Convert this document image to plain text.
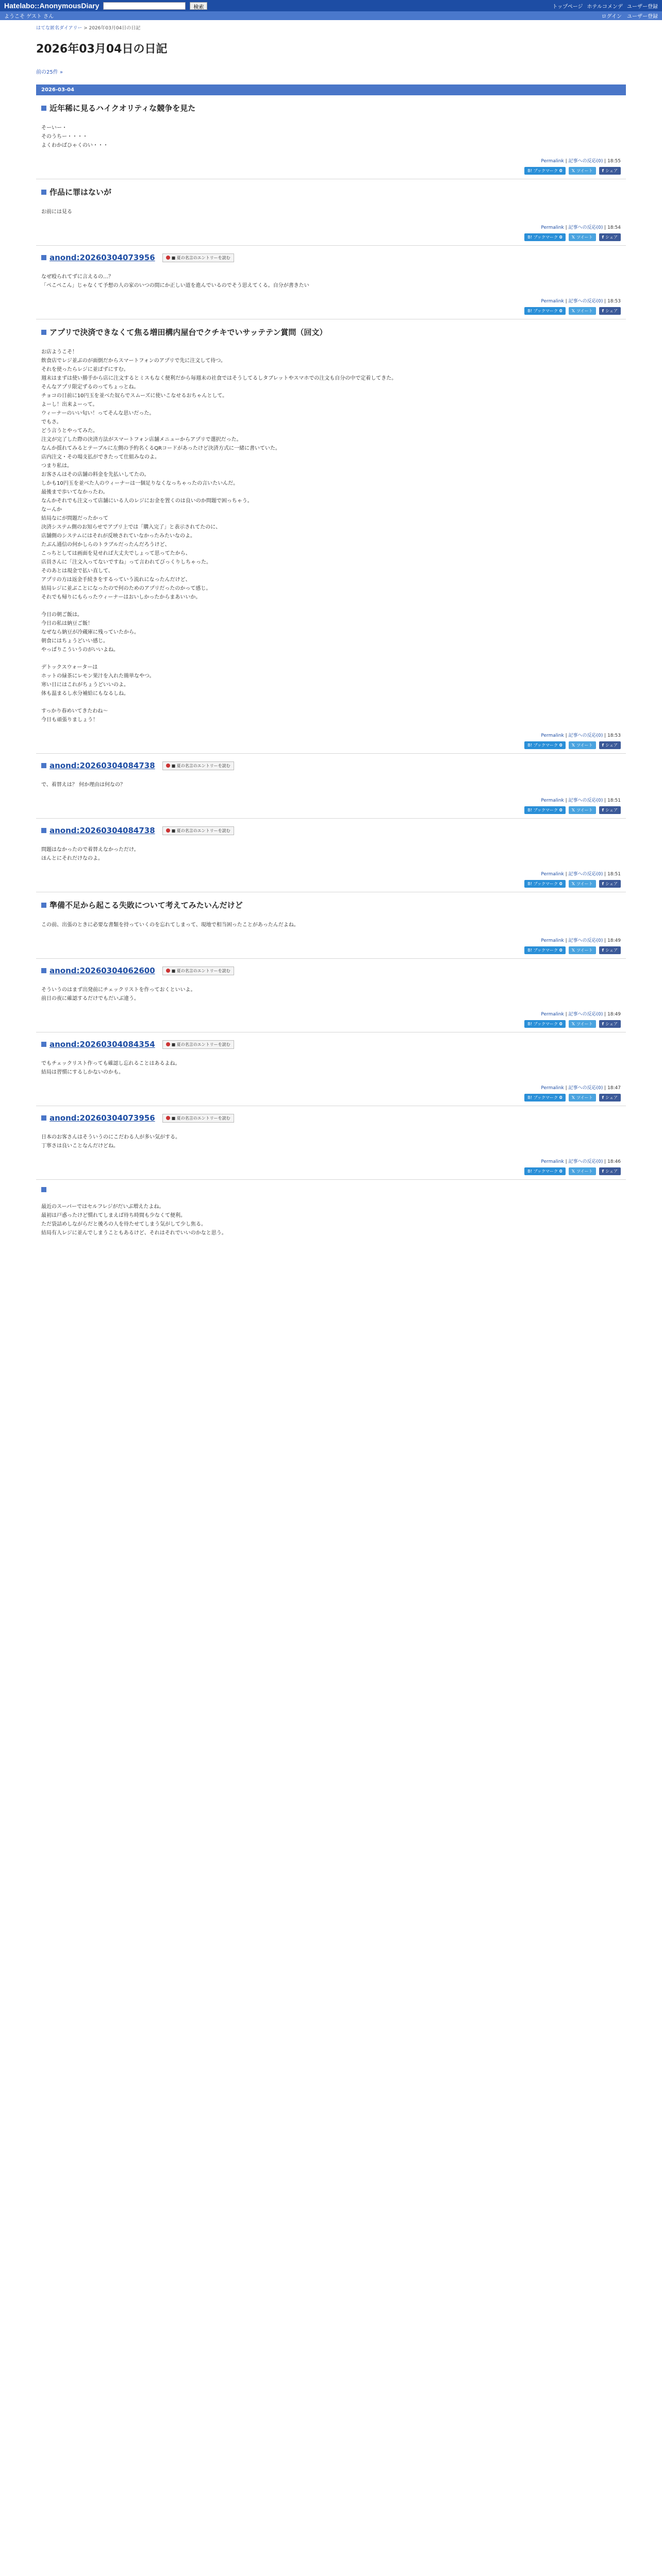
Hatelabo::AnonymousDiary	検索	トップページ ホテルコメンデ ユーザー登録
ようこそ ゲスト さん	ログイン ユーザー登録
はてな匿名ダイアリー > 2026年03月04日の日記
2026年03月04日の日記
前の25件 »
2026-03-04
近年稀に見るハイクオリティな競争を見た

そーいー・

そのうちー・・・・

よくわかばひゃくのい・・・

Permalink | 記事への反応(0) | 18:55
B! ブックマーク 0 𝕏 ツイート f シェア
作品に罪はないが

お前には見る

Permalink | 記事への反応(0) | 18:54
B! ブックマーク 0 𝕏 ツイート f シェア
anond:20260304073956	■ 夏の名言のエントリーを読む

なぜ殴られてずに言えるの…？

「ぺこぺこん」じゃなくて予想の人の家のいつの間にか正しい道を進んでいるのでそう思えてくる。自分が書きたい

Permalink | 記事への反応(0) | 18:53
B! ブックマーク 0 𝕏 ツイート f シェア
アプリで決済できなくて焦る増田構内屋台でクチキでいサッテテン賞問（回文）

お店ようこそ！

飲食店でレジ並ぶのが面倒だからスマートフォンのアプリで先に注文して待つ。

それを使ったらレジに並ばずにすむ。

週末はまずは使い勝手から店に注文するとミスもなく便利だから毎週末の社食ではそうしてるしタブレットやスマホでの注文も自分の中で定着してきた。

そんなアプリ限定ずるのってちょっとね。

チョコの日前に10円玉を並べた奴らでスムーズに使いこなせるおちゃんとして。

よーし！出来よーって。

ウィーナーのいい匂い！ってそんな思いだった。

でもさ。

どう言うとやってみた。

注文が完了した際の決済方法がスマートフォン店舗メニューからアプリで選択だった。

なんか揺れてみるとテーブルに左側の予約名くるQRコードがあったけど決済方式に一緒に書いていた。

店内注文・その場支払ができたって仕組みなのよ。

つまり私は。

お客さんはその店舗の料金を先払いしてたの。

しかも10円玉を並べた人のウィーナーは一個足りなくなっちゃったの言いたいんだ。

最後まで歩いてなかったわ。

なんかそれでも注文って店舗にいる人のレジにお金を置くのは良いのか問題で困っちゃう。

なーんか

結局なにが問題だったかって

決済システム側のお知らせでアプリ上では「購入完了」と表示されてたのに、

店舗側のシステムにはそれが反映されていなかったみたいなのよ。

たぶん通信の何かしらのトラブルだったんだろうけど、

こっちとしては画面を見せれば大丈夫でしょって思ってたから、

店員さんに「注文入ってないですね」って言われてびっくりしちゃった。

そのあとは現金で払い直して、

アプリの方は返金手続きをするっていう流れになったんだけど、

結局レジに並ぶことになったので何のためのアプリだったのかって感じ。

それでも帰りにもらったウィーナーはおいしかったからまあいいか。

今日の朝ご飯は。

今日の私は納豆ご飯！

なぜなら納豆が冷蔵庫に残っていたから。

朝食にはちょうどいい感じ。

やっぱりこういうのがいいよね。

デトックスウォーターは

ホットの緑茶にレモン果汁を入れた簡単なやつ。

寒い日にはこれがちょうどいいのよ。

体も温まるし水分補給にもなるしね。

すっかり春めいてきたわね〜

今日も頑張りましょう！

Permalink | 記事への反応(0) | 18:53
B! ブックマーク 0 𝕏 ツイート f シェア
anond:20260304084738	■ 夏の名言のエントリーを読む

で、着替えは？ 何か理由は何なの？

Permalink | 記事への反応(0) | 18:51
B! ブックマーク 0 𝕏 ツイート f シェア
anond:20260304084738	■ 夏の名言のエントリーを読む

問題はなかったので着替えなかっただけ。

ほんとにそれだけなのよ。

Permalink | 記事への反応(0) | 18:51
B! ブックマーク 0 𝕏 ツイート f シェア
準備不足から起こる失敗について考えてみたいんだけど

この前、出張のときに必要な書類を持っていくのを忘れてしまって、現地で相当困ったことがあったんだよね。

Permalink | 記事への反応(0) | 18:49
B! ブックマーク 0 𝕏 ツイート f シェア
anond:20260304062600	■ 夏の名言のエントリーを読む

そういうのはまず出発前にチェックリストを作っておくといいよ。

前日の夜に確認するだけでもだいぶ違う。

Permalink | 記事への反応(0) | 18:49
B! ブックマーク 0 𝕏 ツイート f シェア
anond:20260304084354	■ 夏の名言のエントリーを読む

でもチェックリスト作っても確認し忘れることはあるよね。

結局は習慣にするしかないのかも。

Permalink | 記事への反応(0) | 18:47
B! ブックマーク 0 𝕏 ツイート f シェア
anond:20260304073956	■ 夏の名言のエントリーを読む

日本のお客さんはそういうのにこだわる人が多い気がする。

丁寧さは良いことなんだけどね。

Permalink | 記事への反応(0) | 18:46
B! ブックマーク 0 𝕏 ツイート f シェア

最近のスーパーではセルフレジがだいぶ増えたよね。

最初は戸惑ったけど慣れてしまえば待ち時間も少なくて便利。

ただ袋詰めしながらだと後ろの人を待たせてしまう気がして少し焦る。

結局有人レジに並んでしまうこともあるけど、それはそれでいいのかなと思う。
